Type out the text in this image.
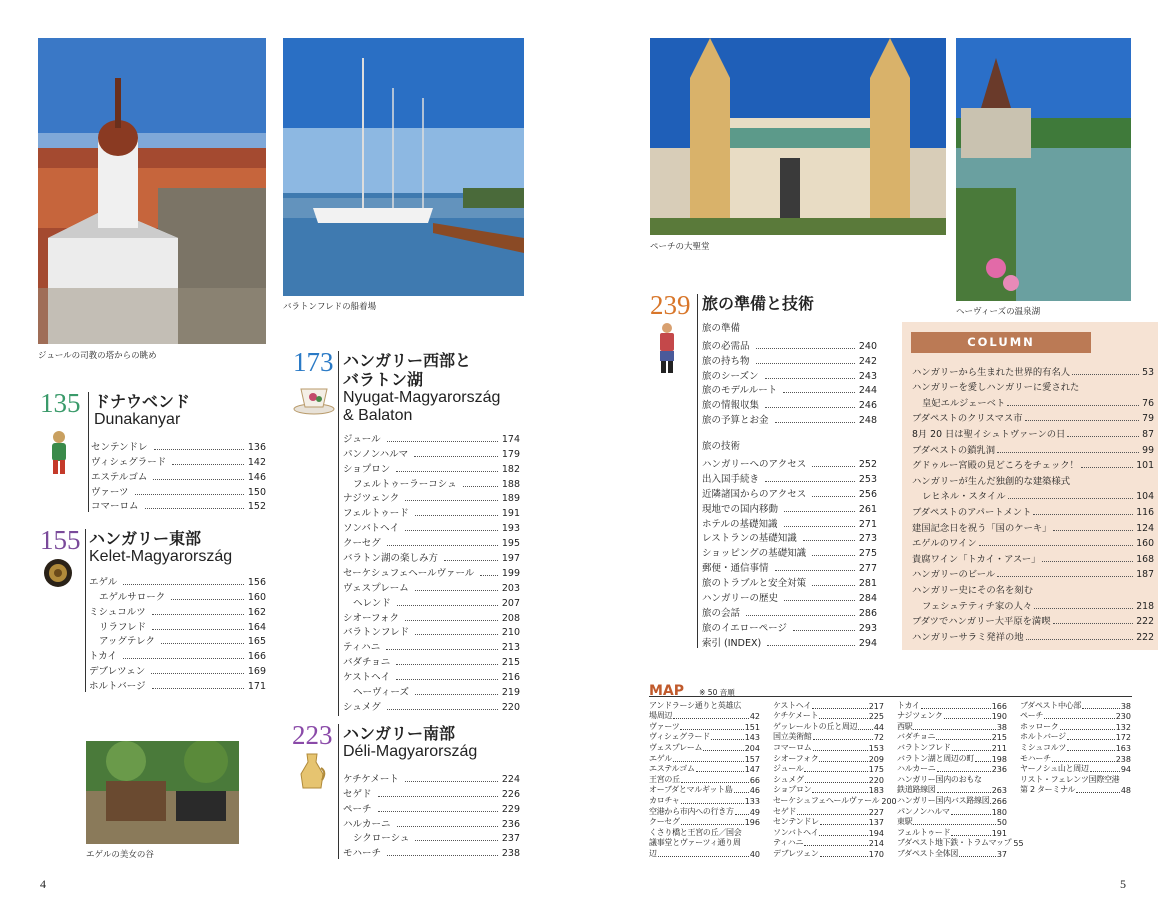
ジュールの司教の塔からの眺め
バラトンフレドの船着場
ペーチの大聖堂
ヘーヴィーズの温泉湖
エゲルの美女の谷
135 ドナウベンド
Dunakanyar
センテンドレ	136
ヴィシェグラード	142
エステルゴム	146
ヴァーツ	150
コマーロム	152
155 ハンガリー東部
Kelet-Magyarország
エゲル	156
エゲルサローク	160
ミシュコルツ	162
リラフレド	164
アッグテレク	165
トカイ	166
デブレツェン	169
ホルトバージ	171
173 ハンガリー西部と
バラトン湖
Nyugat-Magyarország
& Balaton
ジュール	174
パンノンハルマ	179
ショプロン	182
フェルトゥーラーコシュ	188
ナジツェンク	189
フェルトゥード	191
ソンバトヘイ	193
クーセグ	195
バラトン湖の楽しみ方	197
セーケシュフェヘールヴァール	199
ヴェスプレーム	203
ヘレンド	207
シオーフォク	208
バラトンフレド	210
ティハニ	213
バダチョニ	215
ケストヘイ	216
ヘーヴィーズ	219
シュメグ	220
223 ハンガリー南部
Déli-Magyarország
ケチケメート	224
セゲド	226
ペーチ	229
ハルカーニ	236
シクローシュ	237
モハーチ	238
239 旅の準備と技術
旅の準備
旅の必需品	240
旅の持ち物	242
旅のシーズン	243
旅のモデルルート	244
旅の情報収集	246
旅の予算とお金	248
旅の技術
ハンガリーへのアクセス	252
出入国手続き	253
近隣諸国からのアクセス	256
現地での国内移動	261
ホテルの基礎知識	271
レストランの基礎知識	273
ショッピングの基礎知識	275
郵便・通信事情	277
旅のトラブルと安全対策	281
ハンガリーの歴史	284
旅の会話	286
旅のイエローページ	293
索引 (INDEX)	294
COLUMN
ハンガリーから生まれた世界的有名人	53
ハンガリーを愛しハンガリーに愛された
皇妃エルジェーベト	76
ブダペストのクリスマス市	79
8月 20 日は聖イシュトヴァーンの日	87
ブダペストの鎖乳洞	99
グドゥルー宮殿の見どころをチェック！	101
ハンガリーが生んだ独創的な建築様式
レヒネル・スタイル	104
ブダペストのアパートメント	116
建国記念日を祝う「国のケーキ」	124
エゲルのワイン	160
貴腐ワイン「トカイ・アスー」	168
ハンガリーのビール	187
ハンガリー史にその名を刻む
フェシュテティチ家の人々	218
ブダツでハンガリー大平原を満喫	222
ハンガリーサラミ発祥の地	222
MAP ※ 50 音順
アンドラーシ通りと英雄広
場周辺	42
ヴァーツ	151
ヴィシェグラード	143
ヴェスプレーム	204
エゲル	157
エステルゴム	147
王宮の丘	66
オーブダとマルギット島 46
カロチャ	133
空港から市内への行き方 49
クーセグ	196
くさり橋と王宮の丘／国会
議事堂とヴァーツィ通り周
辺	40
ケストヘイ	217
ケチケメート	225
ゲッレールトの丘と周辺 44
国立美術館	72
コマーロム	153
シオーフォク	209
ジュール	175
シュメグ	220
ショプロン	183
セーケシュフェヘールヴァール 200
セゲド	227
センテンドレ	137
ソンバトヘイ	194
ティハニ	214
デブレツェン	170
トカイ	166
ナジツェンク	190
西駅	38
バダチョニ	215
バラトンフレド	211
バラトン湖と周辺の町 198
ハルカーニ	236
ハンガリー国内のおもな
鉄道路線図	263
ハンガリー国内バス路線図 266
パンノンハルマ	180
東駅	50
フェルトゥード	191
ブダペスト地下鉄・トラムマップ 55
ブダペスト全体図	37
ブダペスト中心部	38
ペーチ	230
ホッローク	132
ホルトバージ	172
ミシュコルツ	163
モハーチ	238
ヤーノシュ山と周辺	94
リスト・フェレンツ国際空港
第 2 ターミナル	48
4	5
